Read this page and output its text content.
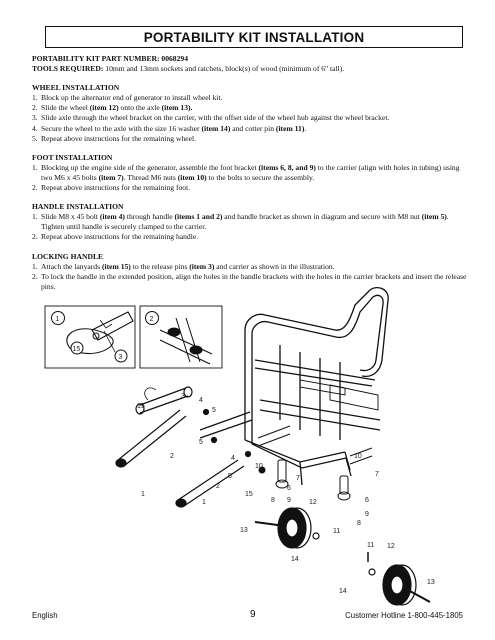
PORTABILITY KIT INSTALLATION

PORTABILITY KIT PART NUMBER: 0068294

TOOLS REQUIRED: 10mm and 13mm sockets and ratchets, block(s) of wood (minimum of 6" tall).

WHEEL INSTALLATION

1. Block up the alternator end of generator to install wheel kit.
2. Slide the wheel (item 12) onto the axle (item 13).
3. Slide axle through the wheel bracket on the carrier, with the offset side of the wheel hub against the wheel bracket.
4. Secure the wheel to the axle with the size 16 washer (item 14) and cotter pin (item 11).
5. Repeat above instructions for the remaining wheel.

FOOT INSTALLATION

1. Blocking up the engine side of the generator, assemble the foot bracket (items 6, 8, and 9) to the carrier (align with holes in tubing) using two M6 x 45 bolts (item 7). Thread M6 nuts (item 10) to the bolts to secure the assembly.
2. Repeat above instructions for the remaining foot.

HANDLE INSTALLATION

1. Slide M8 x 45 bolt (item 4) through handle (items 1 and 2) and handle bracket as shown in diagram and secure with M8 nut (item 5). Tighten until handle is securely clamped to the carrier.
2. Repeat above instructions for the remaining handle.

LOCKING HANDLE

1. Attach the lanyards (item 15) to the release pins (item 3) and carrier as shown in the illustration.
2. To lock the handle in the extended position, align the holes in the handle brackets with the holes in the carrier brackets and insert the release pins.
1
15
3
2
15
3
4
5
5
2	4
5
2
1
1
10
15
8
6
7
9	12
13	11
14
10
7
6
9
8
11 12
14
13
English	9	Customer Hotline 1-800-445-1805
